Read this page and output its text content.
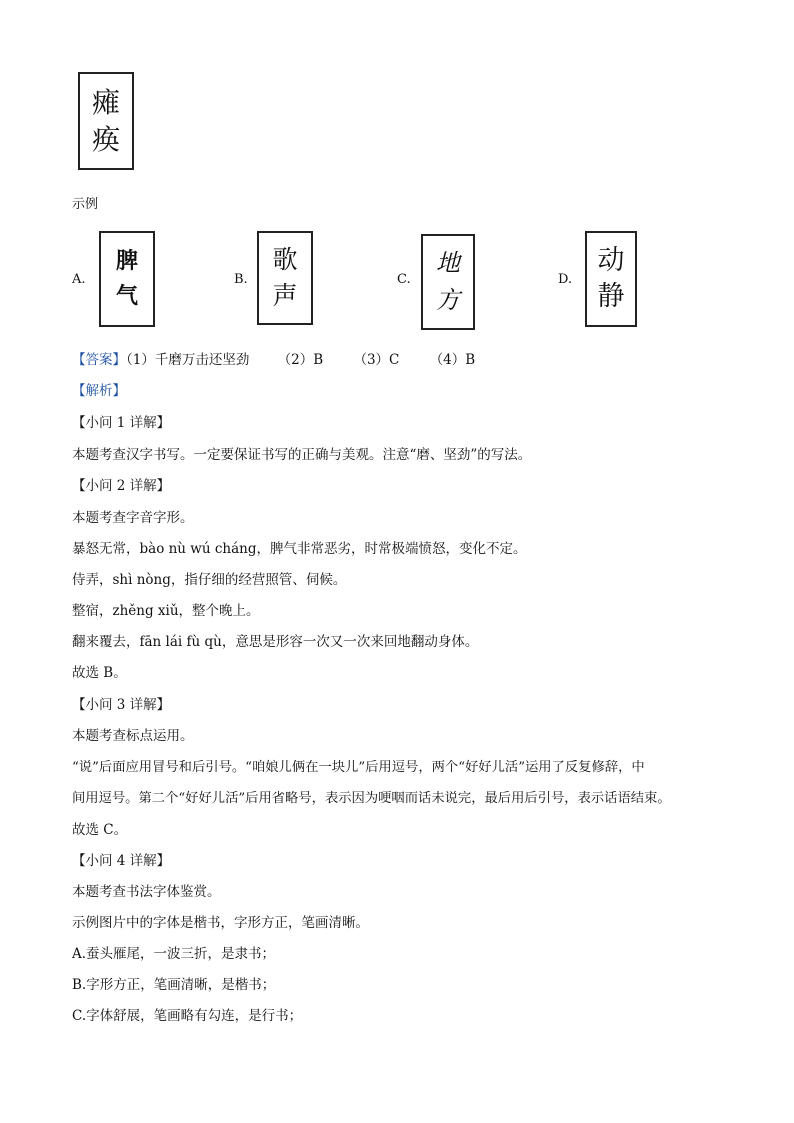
瘫
痪
示例
A.
脾
气
B.
歌
声
C.
地
方
D.
动
静
【答案】（1）千磨万击还坚劲 （2）B （3）C （4）B
【解析】
【小问 1 详解】
本题考查汉字书写。一定要保证书写的正确与美观。注意“磨、坚劲”的写法。
【小问 2 详解】
本题考查字音字形。
暴怒无常，bào nù wú cháng，脾气非常恶劣，时常极端愤怒，变化不定。
侍弄，shì nòng，指仔细的经营照管、伺候。
整宿，zhěng xiǔ，整个晚上。
翻来覆去，fān lái fù qù，意思是形容一次又一次来回地翻动身体。
故选 B。
【小问 3 详解】
本题考查标点运用。
“说”后面应用冒号和后引号。“咱娘儿俩在一块儿”后用逗号，两个“好好儿活”运用了反复修辞，中
间用逗号。第二个“好好儿活”后用省略号，表示因为哽咽而话未说完，最后用后引号，表示话语结束。
故选 C。
【小问 4 详解】
本题考查书法字体鉴赏。
示例图片中的字体是楷书，字形方正，笔画清晰。
A.蚕头雁尾，一波三折，是隶书；
B.字形方正，笔画清晰，是楷书；
C.字体舒展，笔画略有勾连，是行书；
